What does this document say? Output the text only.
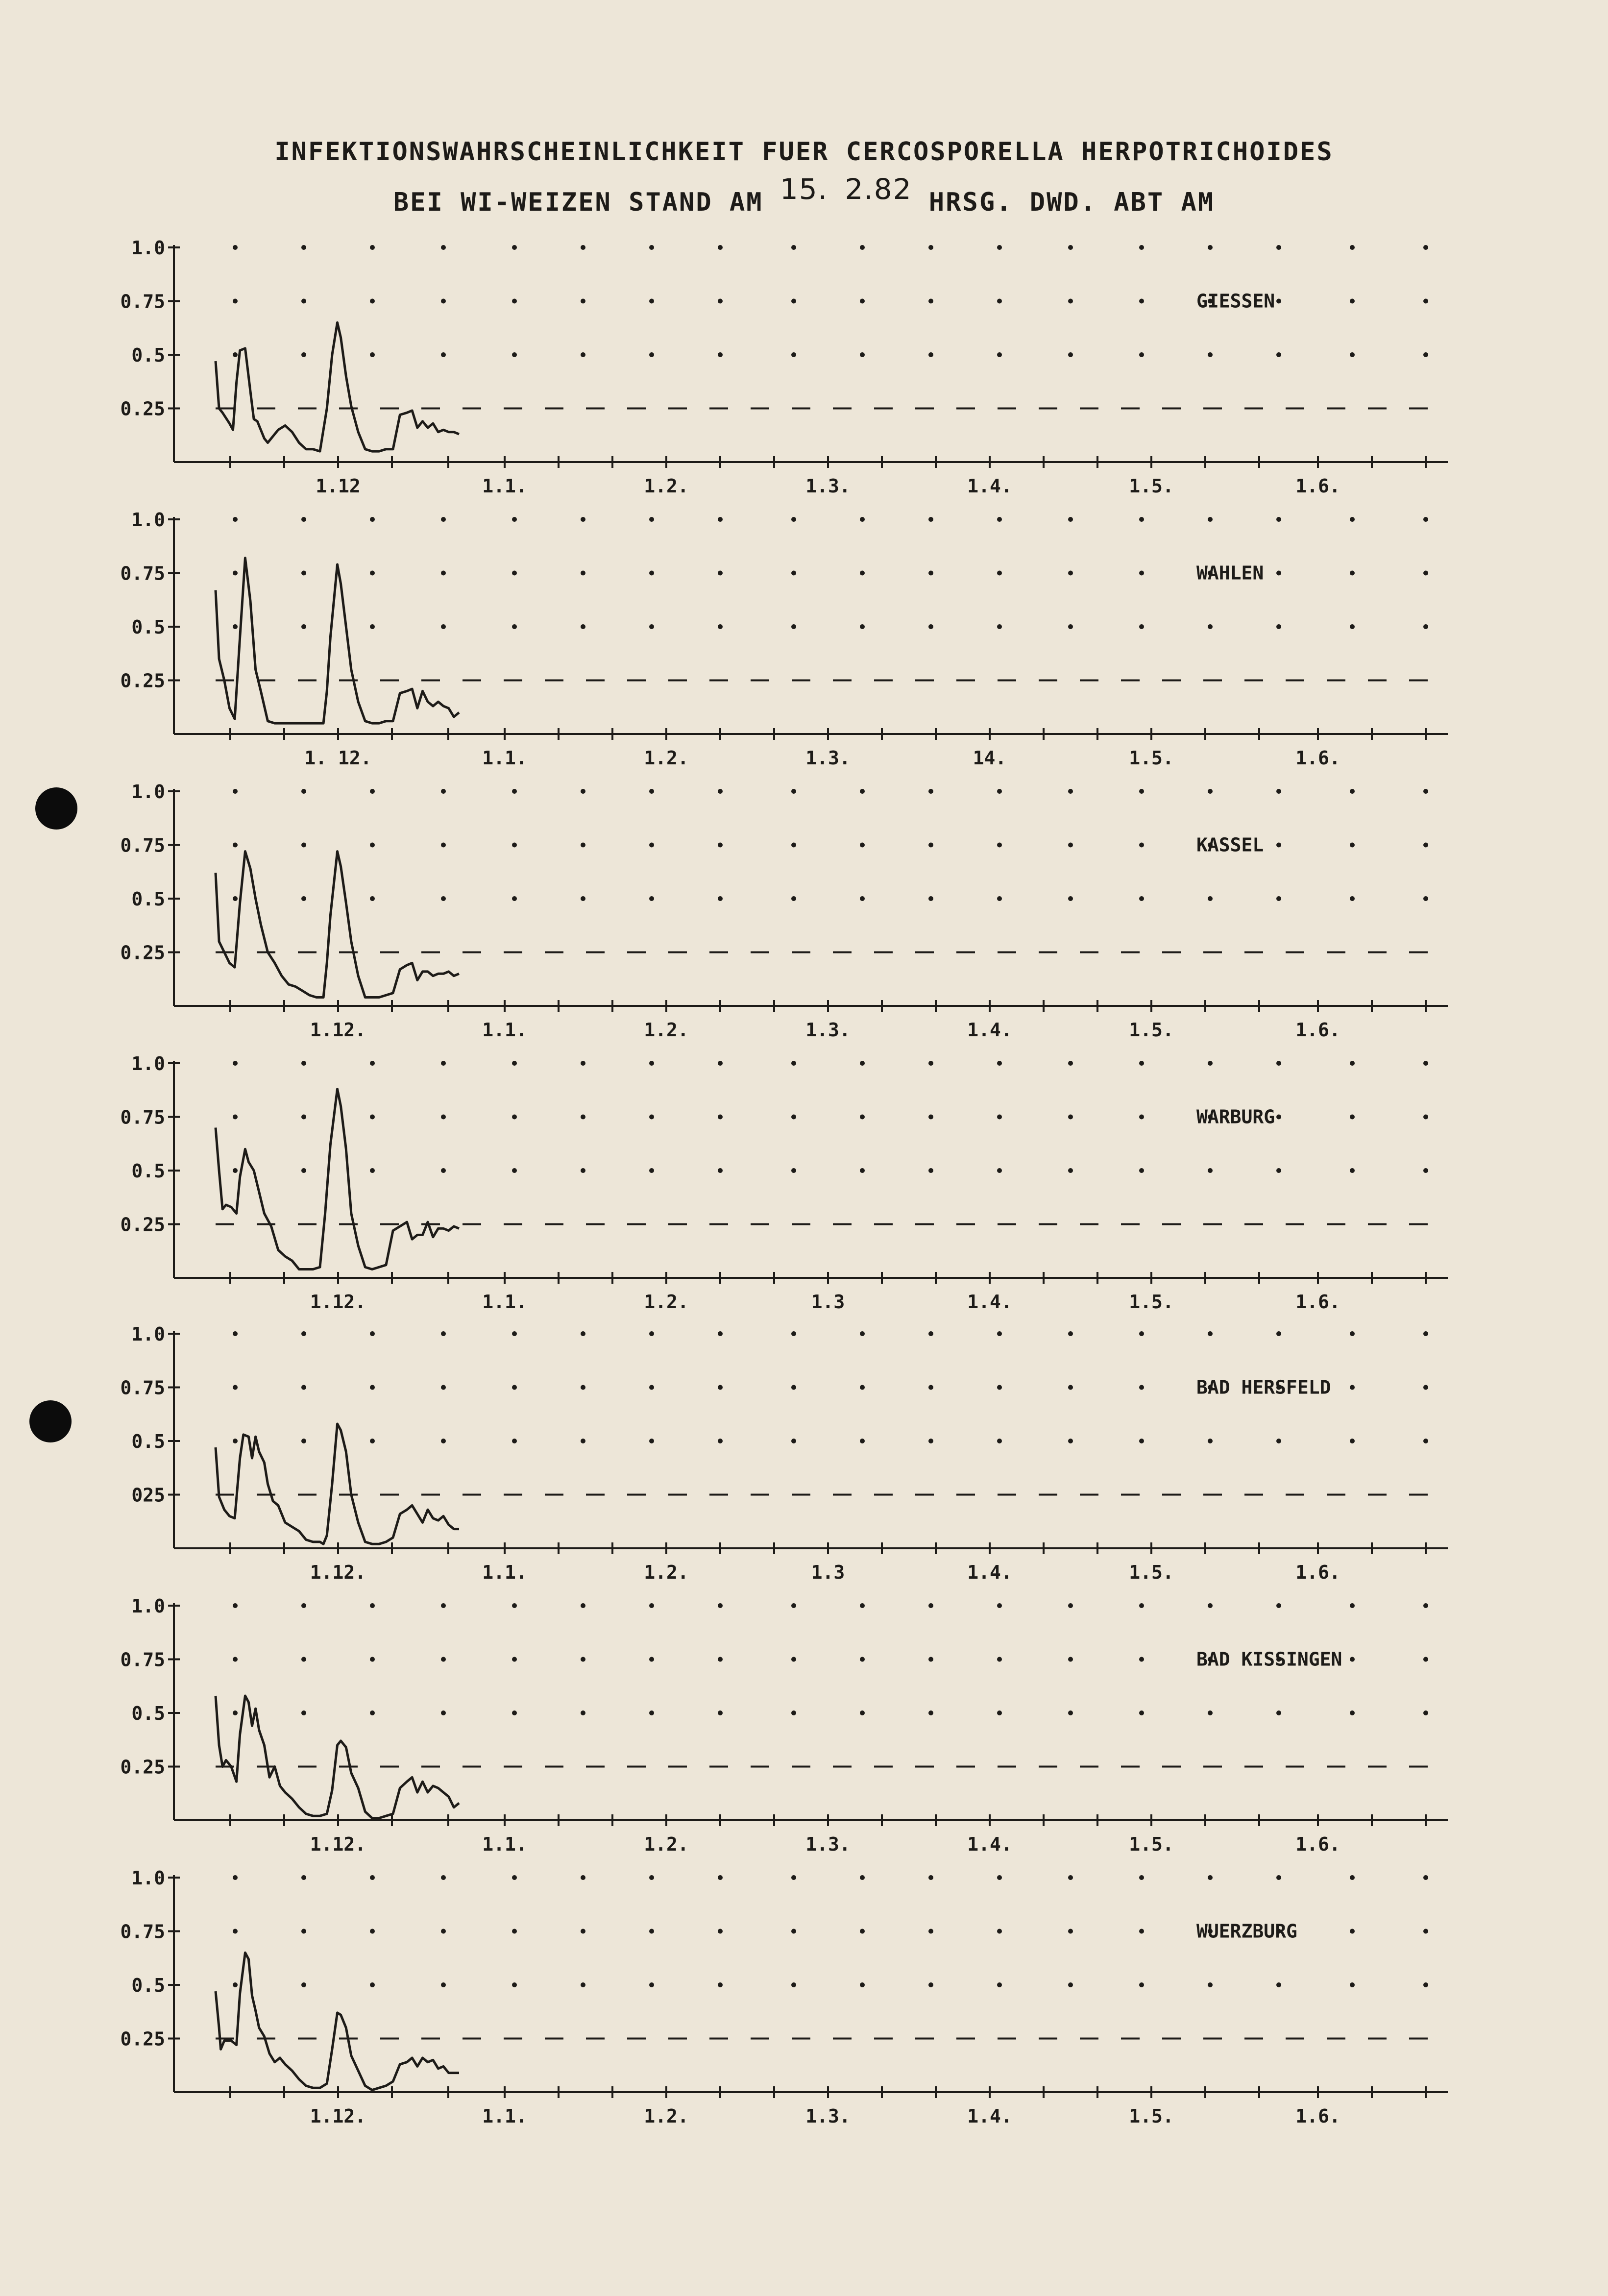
INFEKTIONSWAHRSCHEINLICHKEIT FUER CERCOSPORELLA HERPOTRICHOIDES
BEI WI-WEIZEN STAND AM 15. 2.82 HRSG. DWD. ABT AM
1.0
0.75
0.5
0.25
1.12	1.1.	1.2.	1.3.	1.4.	1.5.	1.6.
GIESSEN
1.0
0.75
0.5
0.25
1. 12.	1.1.	1.2.	1.3.	14.	1.5.	1.6.
WAHLEN
1.0
0.75
0.5
0.25
1.12.	1.1.	1.2.	1.3.	1.4.	1.5.	1.6.
KASSEL
1.0
0.75
0.5
0.25
1.12.	1.1.	1.2.	1.3	1.4.	1.5.	1.6.
WARBURG
1.0
0.75
0.5
025
1.12.	1.1.	1.2.	1.3	1.4.	1.5.	1.6.
BAD HERSFELD
1.0
0.75
0.5
0.25
1.12.	1.1.	1.2.	1.3.	1.4.	1.5.	1.6.
BAD KISSINGEN
1.0
0.75
0.5
0.25
1.12.	1.1.	1.2.	1.3.	1.4.	1.5.	1.6.
WUERZBURG
